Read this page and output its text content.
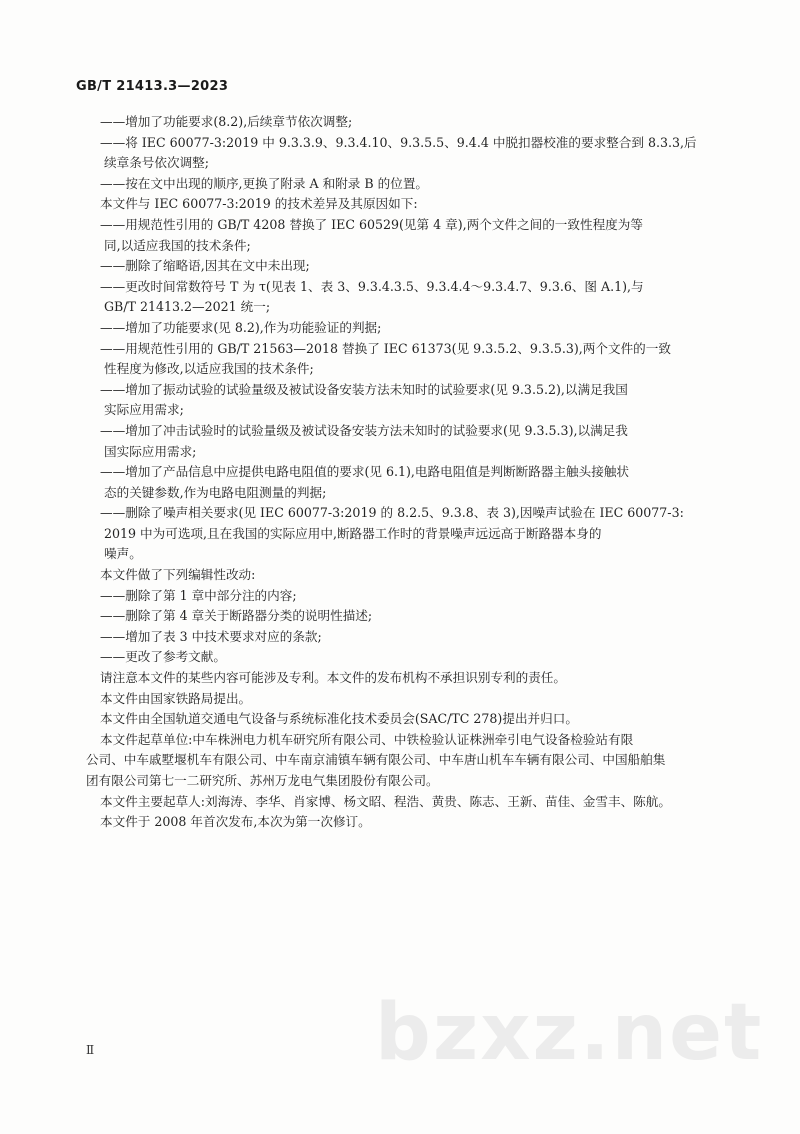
GB/T 21413.3—2023
——增加了功能要求(8.2),后续章节依次调整;
——将 IEC 60077-3:2019 中 9.3.3.9、9.3.4.10、9.3.5.5、9.4.4 中脱扣器校准的要求整合到 8.3.3,后
续章条号依次调整;
——按在文中出现的顺序,更换了附录 A 和附录 B 的位置。
本文件与 IEC 60077-3:2019 的技术差异及其原因如下:
——用规范性引用的 GB/T 4208 替换了 IEC 60529(见第 4 章),两个文件之间的一致性程度为等
同,以适应我国的技术条件;
——删除了缩略语,因其在文中未出现;
——更改时间常数符号 T 为 τ(见表 1、表 3、9.3.4.3.5、9.3.4.4～9.3.4.7、9.3.6、图 A.1),与
GB/T 21413.2—2021 统一;
——增加了功能要求(见 8.2),作为功能验证的判据;
——用规范性引用的 GB/T 21563—2018 替换了 IEC 61373(见 9.3.5.2、9.3.5.3),两个文件的一致
性程度为修改,以适应我国的技术条件;
——增加了振动试验的试验量级及被试设备安装方法未知时的试验要求(见 9.3.5.2),以满足我国
实际应用需求;
——增加了冲击试验时的试验量级及被试设备安装方法未知时的试验要求(见 9.3.5.3),以满足我
国实际应用需求;
——增加了产品信息中应提供电路电阻值的要求(见 6.1),电路电阻值是判断断路器主触头接触状
态的关键参数,作为电路电阻测量的判据;
——删除了噪声相关要求(见 IEC 60077-3:2019 的 8.2.5、9.3.8、表 3),因噪声试验在 IEC 60077-3:
2019 中为可选项,且在我国的实际应用中,断路器工作时的背景噪声远远高于断路器本身的
噪声。
本文件做了下列编辑性改动:
——删除了第 1 章中部分注的内容;
——删除了第 4 章关于断路器分类的说明性描述;
——增加了表 3 中技术要求对应的条款;
——更改了参考文献。
请注意本文件的某些内容可能涉及专利。本文件的发布机构不承担识别专利的责任。
本文件由国家铁路局提出。
本文件由全国轨道交通电气设备与系统标准化技术委员会(SAC/TC 278)提出并归口。
本文件起草单位:中车株洲电力机车研究所有限公司、中铁检验认证株洲牵引电气设备检验站有限
公司、中车戚墅堰机车有限公司、中车南京浦镇车辆有限公司、中车唐山机车车辆有限公司、中国船舶集
团有限公司第七一二研究所、苏州万龙电气集团股份有限公司。
本文件主要起草人:刘海涛、李华、肖家博、杨文昭、程浩、黄贵、陈志、王新、苗佳、金雪丰、陈航。
本文件于 2008 年首次发布,本次为第一次修订。
bzxz.net
Ⅱ
